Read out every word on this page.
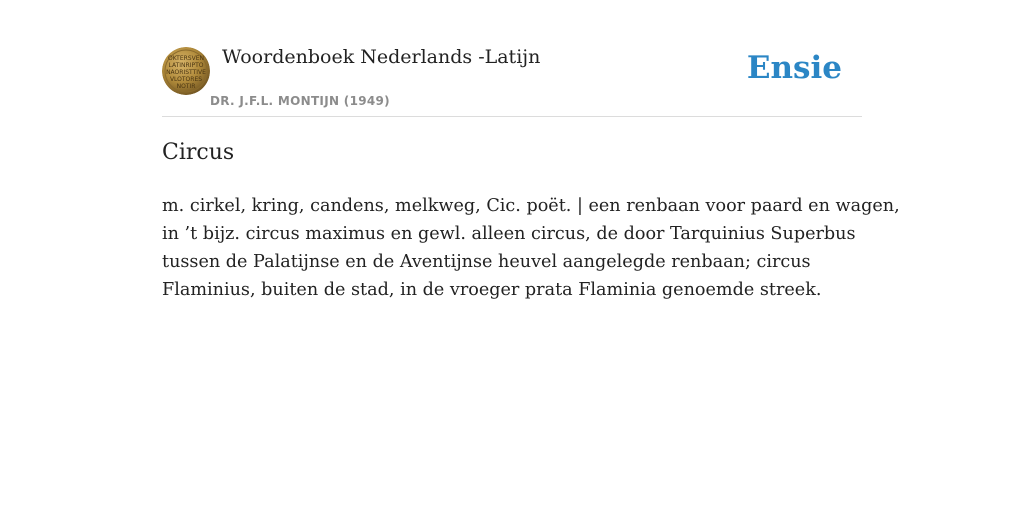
OKTERSVEN
LATINRIPTO
NAORISTTIVE
VLOTORES
NOTIR
Woordenboek Nederlands -Latijn
DR. J.F.L. MONTIJN (1949)
Ensie
Circus

m. cirkel, kring, candens, melkweg, Cic. poët. | een renbaan voor paard en wagen,
in ’t bijz. circus maximus en gewl. alleen circus, de door Tarquinius Superbus
tussen de Palatijnse en de Aventijnse heuvel aangelegde renbaan; circus
Flaminius, buiten de stad, in de vroeger prata Flaminia genoemde streek.
